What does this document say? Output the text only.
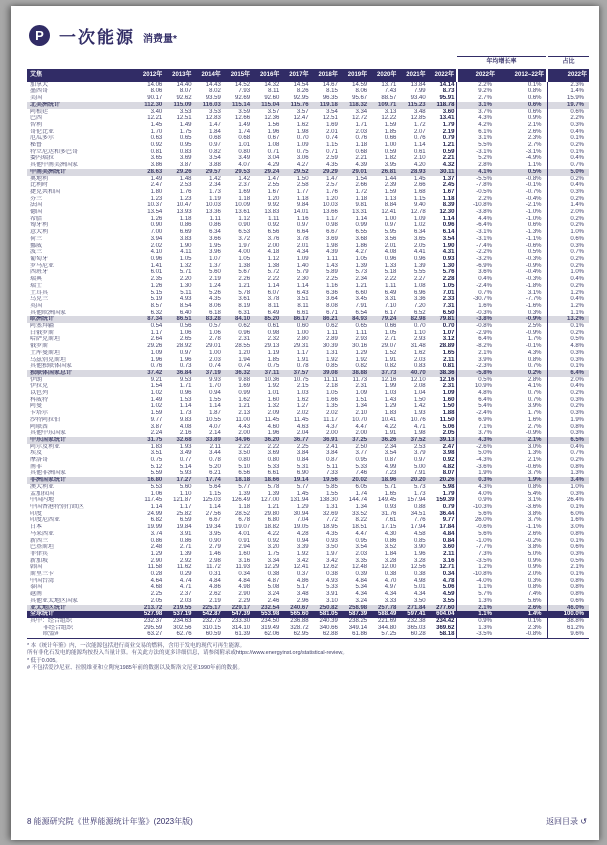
P 一次能源 消费量*
												年均增长率		占比
艾焦	2012年	2013年	2014年	2015年	2016年	2017年	2018年	2019年	2020年	2021年	2022年	2022年	2012–22年	2022年
加拿大	14.06	14.40	14.43	14.52	14.32	14.54	14.67	14.59	13.71	13.84	14.14	2.2%	0.1%	2.3%
墨西哥	8.06	8.07	8.02	7.93	8.11	8.26	8.15	8.06	7.43	7.99	8.73	9.2%	0.8%	1.4%
美国	90.17	92.62	93.59	92.69	92.60	92.95	96.35	95.67	88.57	93.40	95.91	2.7%	0.6%	15.9%
北美洲统计	112.30	115.09	116.03	115.14	115.04	115.76	119.18	118.32	109.71	115.23	118.78	3.1%	0.6%	19.7%
阿根廷	3.40	3.53	3.53	3.59	3.57	3.57	3.54	3.34	3.13	3.48	3.60	3.7%	0.6%	0.6%
巴西	12.21	12.51	12.83	12.66	12.36	12.47	12.51	12.72	12.22	12.85	13.41	4.3%	0.9%	2.2%
智利	1.45	1.49	1.47	1.49	1.56	1.62	1.69	1.71	1.59	1.72	1.79	4.2%	2.1%	0.3%
哥伦比亚	1.70	1.75	1.84	1.74	1.96	1.98	2.01	2.03	1.85	2.07	2.19	6.1%	2.6%	0.4%
厄瓜多尔	0.63	0.65	0.68	0.68	0.67	0.70	0.74	0.76	0.66	0.76	0.79	3.1%	2.3%	0.1%
秘鲁	0.92	0.95	0.97	1.01	1.08	1.09	1.15	1.18	1.00	1.14	1.21	5.5%	2.7%	0.2%
特立尼达和多巴哥	0.81	0.83	0.82	0.80	0.71	0.75	0.71	0.68	0.59	0.61	0.59	-3.1%	-3.1%	0.1%
委内瑞拉	3.65	3.69	3.54	3.49	3.04	3.06	2.59	2.21	1.82	2.10	2.21	5.2%	-4.9%	0.4%
其他中南美洲国家	3.86	3.87	3.88	4.07	4.29	4.27	4.35	4.39	3.95	4.20	4.32	2.8%	1.1%	0.7%
中南美洲统计	28.63	29.26	29.57	29.53	29.24	29.52	29.29	29.01	26.81	28.93	30.11	4.1%	0.5%	5.0%
奥地利	1.49	1.48	1.42	1.42	1.47	1.50	1.47	1.54	1.44	1.45	1.37	-5.5%	-0.8%	0.2%
比利时	2.47	2.53	2.34	2.37	2.55	2.58	2.57	2.66	2.39	2.66	2.45	-7.8%	-0.1%	0.4%
捷克共和国	1.80	1.76	1.73	1.69	1.67	1.77	1.76	1.72	1.59	1.68	1.67	-0.5%	-0.7%	0.3%
芬兰	1.23	1.23	1.19	1.18	1.20	1.18	1.20	1.18	1.13	1.15	1.18	2.2%	-0.4%	0.2%
法国	10.37	10.47	10.03	10.09	9.92	9.84	10.03	9.81	8.84	9.40	8.39	-10.8%	-2.1%	1.4%
德国	13.54	13.93	13.36	13.61	13.83	14.01	13.66	13.31	12.41	12.78	12.30	-3.8%	-1.0%	2.0%
希腊	1.26	1.18	1.11	1.12	1.11	1.16	1.17	1.14	1.00	1.09	1.14	4.4%	-1.0%	0.2%
匈牙利	0.90	0.86	0.86	0.90	0.92	0.97	0.98	0.99	0.97	1.02	0.96	-6.4%	0.6%	0.2%
意大利	7.00	6.69	6.34	6.53	6.56	6.64	6.67	6.55	5.95	6.34	6.14	-3.1%	-1.3%	1.0%
荷兰	3.94	3.83	3.66	3.72	3.76	3.78	3.69	3.68	3.56	3.65	3.54	-3.1%	-1.1%	0.6%
挪威	2.02	1.90	1.95	1.97	2.00	2.01	1.98	1.86	2.01	2.05	1.90	-7.4%	-0.6%	0.3%
波兰	4.10	4.11	3.96	4.00	4.18	4.34	4.39	4.27	4.08	4.41	4.31	-2.2%	0.5%	0.7%
葡萄牙	0.96	1.05	1.07	1.05	1.12	1.09	1.11	1.05	0.96	0.96	0.93	-3.2%	-0.3%	0.2%
罗马尼亚	1.41	1.32	1.37	1.38	1.38	1.40	1.43	1.39	1.33	1.39	1.30	-6.9%	-0.9%	0.2%
西班牙	6.01	5.71	5.60	5.67	5.72	5.79	5.89	5.73	5.18	5.55	5.76	3.6%	-0.4%	1.0%
瑞典	2.35	2.20	2.19	2.26	2.22	2.30	2.25	2.34	2.22	2.27	2.28	0.4%	-0.3%	0.4%
瑞士	1.26	1.30	1.24	1.21	1.14	1.14	1.16	1.21	1.11	1.08	1.05	-2.4%	-1.8%	0.2%
土耳其	5.15	5.11	5.26	5.78	6.07	6.43	6.36	6.60	6.49	6.96	7.01	0.7%	3.1%	1.2%
乌克兰	5.19	4.93	4.35	3.61	3.78	3.51	3.64	3.45	3.31	3.36	2.33	-30.7%	-7.7%	0.4%
英国	8.57	8.54	8.06	8.19	8.11	8.11	8.08	7.91	7.10	7.20	7.31	1.6%	-1.6%	1.2%
其他欧洲国家	6.32	6.40	6.18	6.31	6.49	6.61	6.71	6.54	6.17	6.52	6.50	-0.3%	0.3%	1.1%
欧洲统计	87.34	86.51	83.28	84.10	85.20	86.17	86.21	84.93	79.24	82.98	79.81	-3.8%	-0.9%	13.2%
阿塞拜疆	0.54	0.56	0.57	0.62	0.61	0.60	0.62	0.65	0.66	0.70	0.70	-0.8%	2.5%	0.1%
白俄罗斯	1.17	1.06	1.06	0.96	0.98	1.00	1.11	1.11	1.05	1.10	1.07	-2.9%	-0.9%	0.2%
哈萨克斯坦	2.64	2.65	2.78	2.31	2.32	2.80	2.89	2.93	2.71	2.93	3.12	6.4%	1.7%	0.5%
俄罗斯	29.26	28.92	29.01	28.55	29.13	29.31	30.39	30.16	29.07	31.48	28.89	-8.2%	-0.1%	4.8%
土库曼斯坦	1.09	0.97	1.00	1.20	1.19	1.17	1.31	1.29	1.52	1.62	1.65	2.1%	4.3%	0.3%
乌兹别克斯坦	1.96	1.96	2.03	1.94	1.85	1.91	1.92	1.92	1.91	2.03	2.11	3.9%	0.8%	0.3%
其他独联体国家	0.76	0.73	0.74	0.74	0.75	0.78	0.85	0.82	0.82	0.83	0.81	-2.3%	0.7%	0.1%
独联体国家总计	37.42	36.84	37.19	36.32	37.11	37.57	39.08	38.88	37.73	40.70	38.36	-5.8%	0.2%	6.4%
伊朗	9.21	9.53	9.93	9.88	10.36	10.75	11.11	11.73	12.16	12.10	12.16	0.5%	2.8%	2.0%
伊拉克	1.54	1.71	1.70	1.69	1.92	2.15	2.18	2.31	1.99	2.08	2.31	10.9%	4.1%	0.4%
以色列	1.02	0.96	0.94	0.99	1.01	1.03	1.05	1.09	1.03	1.04	1.09	4.8%	0.7%	0.2%
科威特	1.49	1.53	1.55	1.62	1.60	1.62	1.66	1.51	1.43	1.50	1.60	6.4%	0.7%	0.3%
阿曼	1.02	1.14	1.14	1.21	1.32	1.27	1.35	1.34	1.29	1.42	1.50	5.4%	3.9%	0.2%
卡塔尔	1.59	1.73	1.87	2.13	2.09	2.02	2.02	2.10	1.83	1.93	1.88	-2.4%	1.7%	0.3%
沙特阿拉伯	9.77	9.83	10.55	11.00	11.45	11.45	11.17	10.70	10.41	10.76	11.50	6.9%	1.6%	1.9%
阿联酋	3.87	4.08	4.07	4.43	4.60	4.63	4.37	4.47	4.22	4.71	5.06	7.1%	2.7%	0.8%
其他中东国家	2.24	2.16	2.14	2.00	1.96	2.04	2.00	2.00	1.91	1.98	2.05	3.7%	-0.9%	0.3%
中东国家统计	31.75	32.68	33.89	34.96	36.20	36.77	36.91	37.25	36.26	37.52	39.13	4.3%	2.1%	6.5%
阿尔及利亚	1.83	1.93	2.11	2.22	2.22	2.25	2.41	2.50	2.34	2.53	2.47	-2.6%	3.0%	0.4%
埃及	3.51	3.49	3.44	3.50	3.69	3.84	3.84	3.77	3.54	3.79	3.98	5.0%	1.3%	0.7%
摩洛哥	0.75	0.77	0.78	0.80	0.80	0.84	0.87	0.95	0.87	0.97	0.92	-4.3%	2.1%	0.2%
南非	5.12	5.14	5.20	5.10	5.33	5.31	5.11	5.33	4.99	5.00	4.82	-3.6%	-0.6%	0.8%
其他非洲国家	5.59	5.93	6.21	6.56	6.61	6.90	7.33	7.46	7.23	7.91	8.07	1.9%	3.7%	1.3%
非洲国家统计	16.80	17.27	17.74	18.18	18.66	19.14	19.56	20.02	18.96	20.20	20.26	0.3%	1.9%	3.4%
澳大利亚	5.53	5.60	5.64	5.77	5.78	5.77	5.85	6.05	5.71	5.73	5.98	4.3%	0.8%	1.0%
孟加拉国	1.06	1.10	1.15	1.39	1.39	1.45	1.55	1.74	1.65	1.73	1.79	4.0%	5.4%	0.3%
中国内地	117.45	121.87	125.03	126.49	127.00	131.94	138.30	144.74	149.45	157.94	159.39	0.9%	3.1%	26.4%
中国香港特别行政区	1.14	1.17	1.14	1.18	1.21	1.29	1.31	1.34	0.93	0.88	0.79	-10.3%	-3.6%	0.1%
印度	24.99	25.82	27.56	28.52	29.80	30.94	32.69	33.52	31.76	34.51	36.44	5.6%	3.8%	6.0%
印度尼西亚	6.82	6.59	6.67	6.78	6.80	7.04	7.72	8.22	7.61	7.76	9.77	26.0%	3.7%	1.6%
日本	19.99	19.84	19.34	19.07	18.82	19.05	18.95	18.51	17.15	17.94	17.84	-0.6%	-1.1%	3.0%
马来西亚	3.74	3.91	3.95	4.01	4.22	4.28	4.35	4.47	4.30	4.58	4.84	5.6%	2.6%	0.8%
新西兰	0.86	0.86	0.90	0.91	0.92	0.94	0.93	0.95	0.86	0.85	0.84	-1.0%	-0.2%	0.1%
巴基斯坦	2.48	2.71	2.79	2.94	3.20	3.39	3.50	3.54	3.52	3.90	3.60	-7.7%	3.8%	0.6%
菲律宾	1.29	1.39	1.46	1.60	1.75	1.92	1.97	2.03	1.84	1.96	2.11	7.3%	5.0%	0.3%
新加坡	2.90	2.92	2.98	3.16	3.34	3.42	3.42	3.35	3.28	3.28	3.16	-3.5%	0.9%	0.5%
韩国	11.58	11.62	11.72	11.93	12.29	12.41	12.62	12.48	12.00	12.56	12.71	1.2%	0.9%	2.1%
斯里兰卡	0.28	0.29	0.31	0.34	0.38	0.37	0.38	0.39	0.38	0.38	0.34	-10.8%	2.0%	0.1%
中国台湾	4.64	4.74	4.84	4.84	4.87	4.86	4.93	4.84	4.70	4.98	4.78	-4.0%	0.3%	0.8%
泰国	4.68	4.71	4.86	4.98	5.08	5.17	5.33	5.34	4.97	5.01	5.06	1.1%	0.8%	0.8%
越南	2.25	2.37	2.62	2.90	3.24	3.48	3.91	4.34	4.34	4.34	4.59	5.7%	7.4%	0.8%
其他亚太地区国家	2.05	2.03	2.19	2.29	2.46	2.96	3.10	3.24	3.33	3.50	3.55	1.3%	5.6%	0.6%
亚太地区统计	213.72	219.55	225.17	229.17	232.54	240.67	250.82	258.98	257.78	271.84	277.60	2.1%	2.6%	46.0%
全球统计	527.98	537.19	542.87	547.39	553.98	565.60	581.05	587.39	588.49	597.41	604.04	1.1%	1.4%	100.0%
其中：经合组织	232.37	234.63	232.73	233.30	234.50	236.88	240.39	238.25	221.69	232.38	234.42	0.9%	0.1%	38.8%
非经合组织	295.59	302.56	310.15	314.10	319.49	328.72	340.66	349.14	344.80	365.03	369.62	1.3%	2.3%	61.2%
欧盟#	63.27	62.76	60.59	61.39	62.06	62.95	62.88	61.86	57.25	60.28	58.18	-3.5%	-0.8%	9.6%
* 本《统计年鉴》内，一次能源包括进行商业交易的燃料，含用于发电的现代可再生能源。
所有非化石发电的能源均按投入当量计算。有关此方法的更多详细信息，请参阅附录或https://www.energyinst.org/statistical-review。
* 低于0.005。
# 不包括爱沙尼亚、拉脱维亚和立陶宛1985年前的数据以及斯洛文尼亚1990年前的数据。
8 能源研究院《世界能源统计年鉴》(2023年版)	返回目录 ↺
